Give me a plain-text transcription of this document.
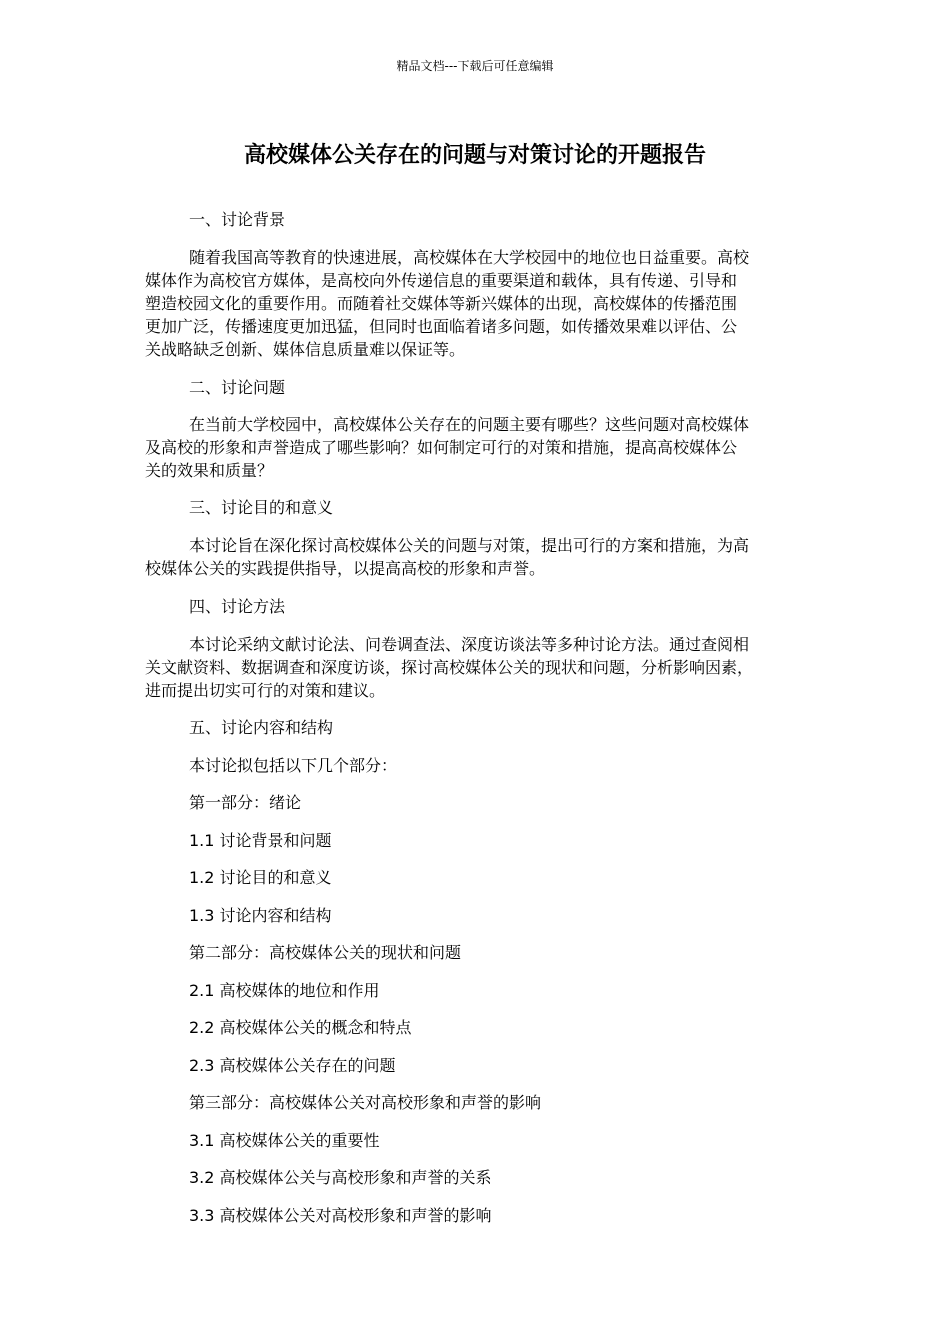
精品文档---下载后可任意编辑
高校媒体公关存在的问题与对策讨论的开题报告
一、讨论背景
随着我国高等教育的快速进展，高校媒体在大学校园中的地位也日益重要。高校
媒体作为高校官方媒体，是高校向外传递信息的重要渠道和载体，具有传递、引导和
塑造校园文化的重要作用。而随着社交媒体等新兴媒体的出现，高校媒体的传播范围
更加广泛，传播速度更加迅猛，但同时也面临着诸多问题，如传播效果难以评估、公
关战略缺乏创新、媒体信息质量难以保证等。
二、讨论问题
在当前大学校园中，高校媒体公关存在的问题主要有哪些？这些问题对高校媒体
及高校的形象和声誉造成了哪些影响？如何制定可行的对策和措施，提高高校媒体公
关的效果和质量？
三、讨论目的和意义
本讨论旨在深化探讨高校媒体公关的问题与对策，提出可行的方案和措施，为高
校媒体公关的实践提供指导，以提高高校的形象和声誉。
四、讨论方法
本讨论采纳文献讨论法、问卷调查法、深度访谈法等多种讨论方法。通过查阅相
关文献资料、数据调查和深度访谈，探讨高校媒体公关的现状和问题，分析影响因素，
进而提出切实可行的对策和建议。
五、讨论内容和结构
本讨论拟包括以下几个部分：
第一部分：绪论
1.1 讨论背景和问题
1.2 讨论目的和意义
1.3 讨论内容和结构
第二部分：高校媒体公关的现状和问题
2.1 高校媒体的地位和作用
2.2 高校媒体公关的概念和特点
2.3 高校媒体公关存在的问题
第三部分：高校媒体公关对高校形象和声誉的影响
3.1 高校媒体公关的重要性
3.2 高校媒体公关与高校形象和声誉的关系
3.3 高校媒体公关对高校形象和声誉的影响
